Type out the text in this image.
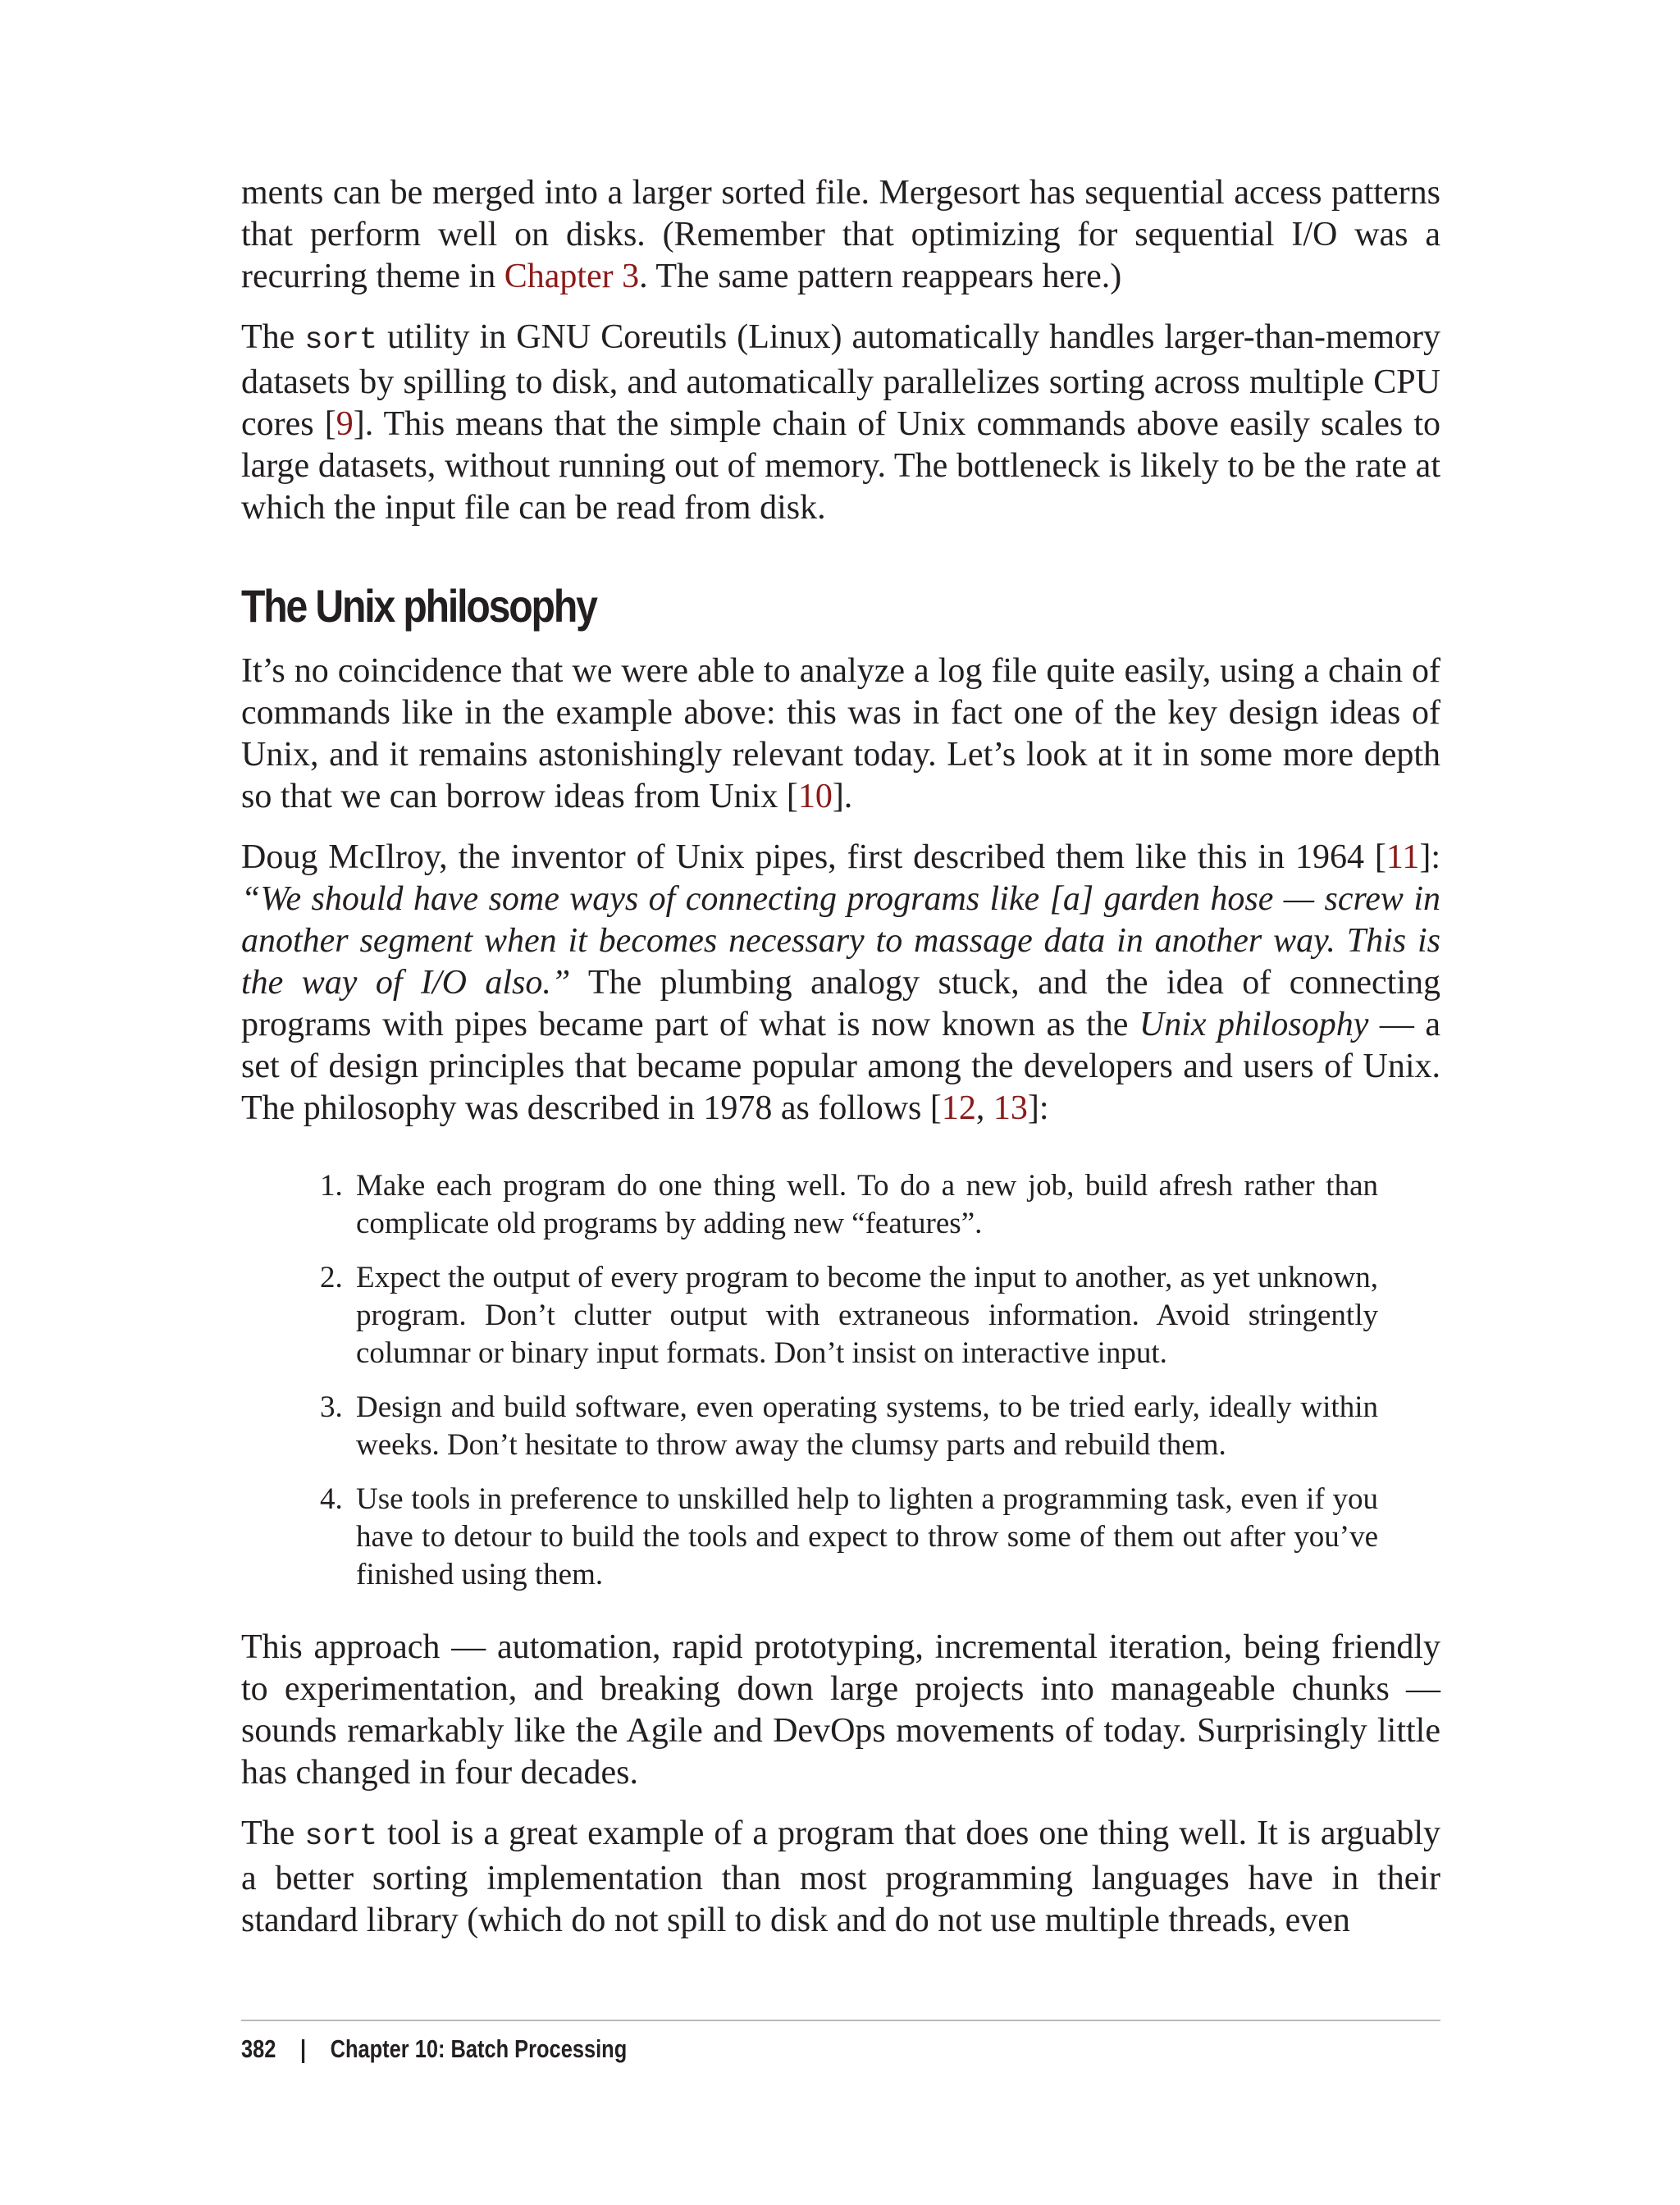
ments can be merged into a larger sorted file. Mergesort has sequential access patterns that perform well on disks. (Remember that optimizing for sequential I/O was a recurring theme in Chapter 3. The same pattern reappears here.)

The sort utility in GNU Coreutils (Linux) automatically handles larger-than-memory datasets by spilling to disk, and automatically parallelizes sorting across multiple CPU cores [9]. This means that the simple chain of Unix commands above easily scales to large datasets, without running out of memory. The bottleneck is likely to be the rate at which the input file can be read from disk.

The Unix philosophy

It’s no coincidence that we were able to analyze a log file quite easily, using a chain of commands like in the example above: this was in fact one of the key design ideas of Unix, and it remains astonishingly relevant today. Let’s look at it in some more depth so that we can borrow ideas from Unix [10].

Doug McIlroy, the inventor of Unix pipes, first described them like this in 1964 [11]: “We should have some ways of connecting programs like [a] garden hose — screw in another segment when it becomes necessary to massage data in another way. This is the way of I/O also.” The plumbing analogy stuck, and the idea of connecting programs with pipes became part of what is now known as the Unix philosophy — a set of design principles that became popular among the developers and users of Unix. The philosophy was described in 1978 as follows [12, 13]:

1. Make each program do one thing well. To do a new job, build afresh rather than complicate old programs by adding new “features”.
2. Expect the output of every program to become the input to another, as yet unknown, program. Don’t clutter output with extraneous information. Avoid stringently columnar or binary input formats. Don’t insist on interactive input.
3. Design and build software, even operating systems, to be tried early, ideally within weeks. Don’t hesitate to throw away the clumsy parts and rebuild them.
4. Use tools in preference to unskilled help to lighten a programming task, even if you have to detour to build the tools and expect to throw some of them out after you’ve finished using them.

This approach — automation, rapid prototyping, incremental iteration, being friendly to experimentation, and breaking down large projects into manageable chunks — sounds remarkably like the Agile and DevOps movements of today. Surprisingly little has changed in four decades.

The sort tool is a great example of a program that does one thing well. It is arguably a better sorting implementation than most programming languages have in their standard library (which do not spill to disk and do not use multiple threads, even

382 | Chapter 10: Batch Processing
